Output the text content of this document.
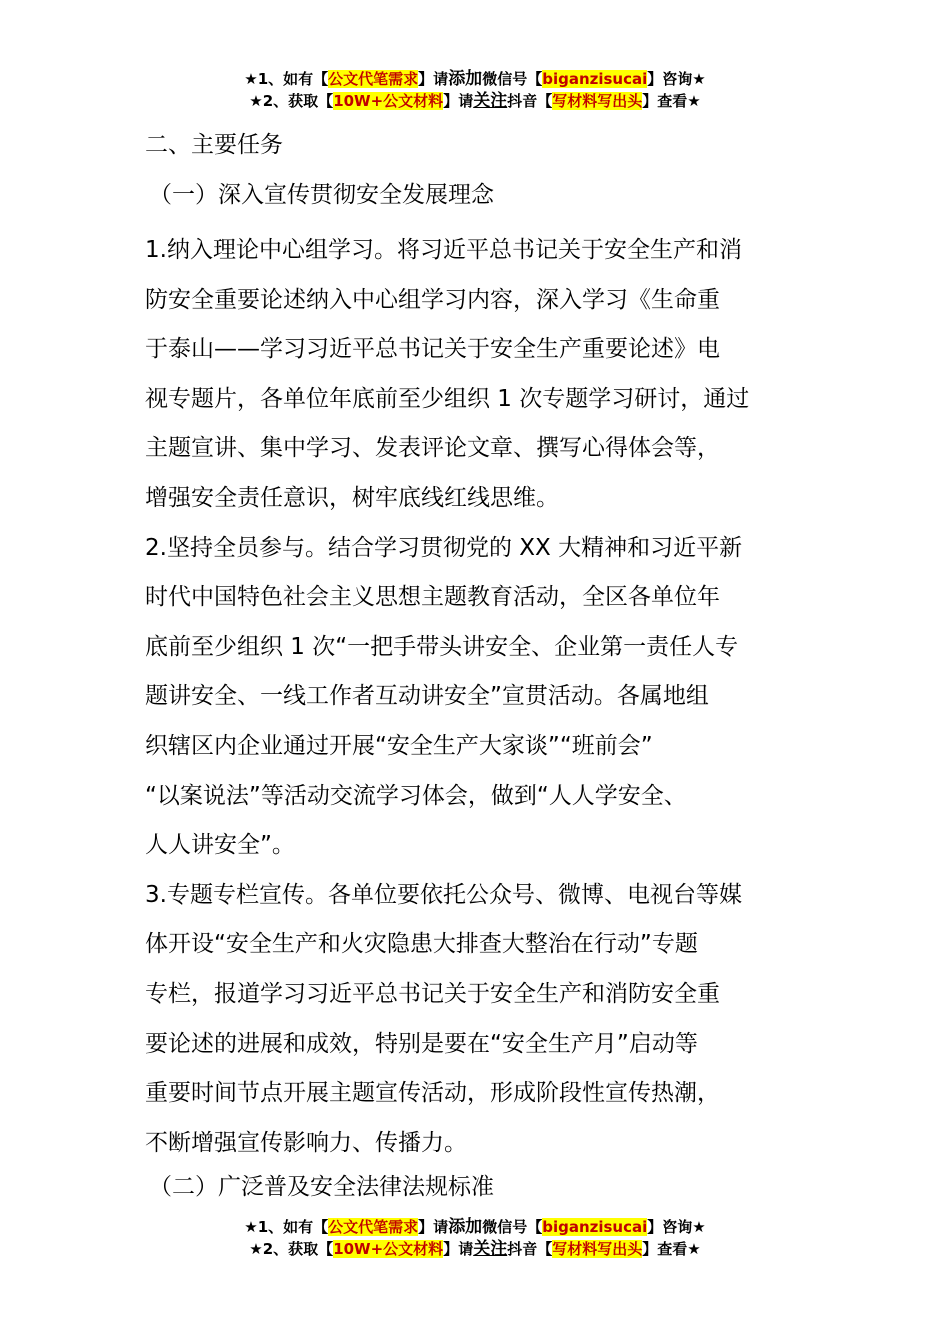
★1、如有【公文代笔需求】请添加微信号【biganzisucai】咨询★
★2、获取【10W+公文材料】请关注抖音【写材料写出头】查看★
二、主要任务
（一）深入宣传贯彻安全发展理念
1.纳入理论中心组学习。将习近平总书记关于安全生产和消
防安全重要论述纳入中心组学习内容，深入学习《生命重
于泰山——学习习近平总书记关于安全生产重要论述》电
视专题片，各单位年底前至少组织 1 次专题学习研讨，通过
主题宣讲、集中学习、发表评论文章、撰写心得体会等，
增强安全责任意识，树牢底线红线思维。
2.坚持全员参与。结合学习贯彻党的 XX 大精神和习近平新
时代中国特色社会主义思想主题教育活动，全区各单位年
底前至少组织 1 次“一把手带头讲安全、企业第一责任人专
题讲安全、一线工作者互动讲安全”宣贯活动。各属地组
织辖区内企业通过开展“安全生产大家谈”“班前会”
“以案说法”等活动交流学习体会，做到“人人学安全、
人人讲安全”。
3.专题专栏宣传。各单位要依托公众号、微博、电视台等媒
体开设“安全生产和火灾隐患大排查大整治在行动”专题
专栏，报道学习习近平总书记关于安全生产和消防安全重
要论述的进展和成效，特别是要在“安全生产月”启动等
重要时间节点开展主题宣传活动，形成阶段性宣传热潮，
不断增强宣传影响力、传播力。
（二）广泛普及安全法律法规标准
★1、如有【公文代笔需求】请添加微信号【biganzisucai】咨询★
★2、获取【10W+公文材料】请关注抖音【写材料写出头】查看★
